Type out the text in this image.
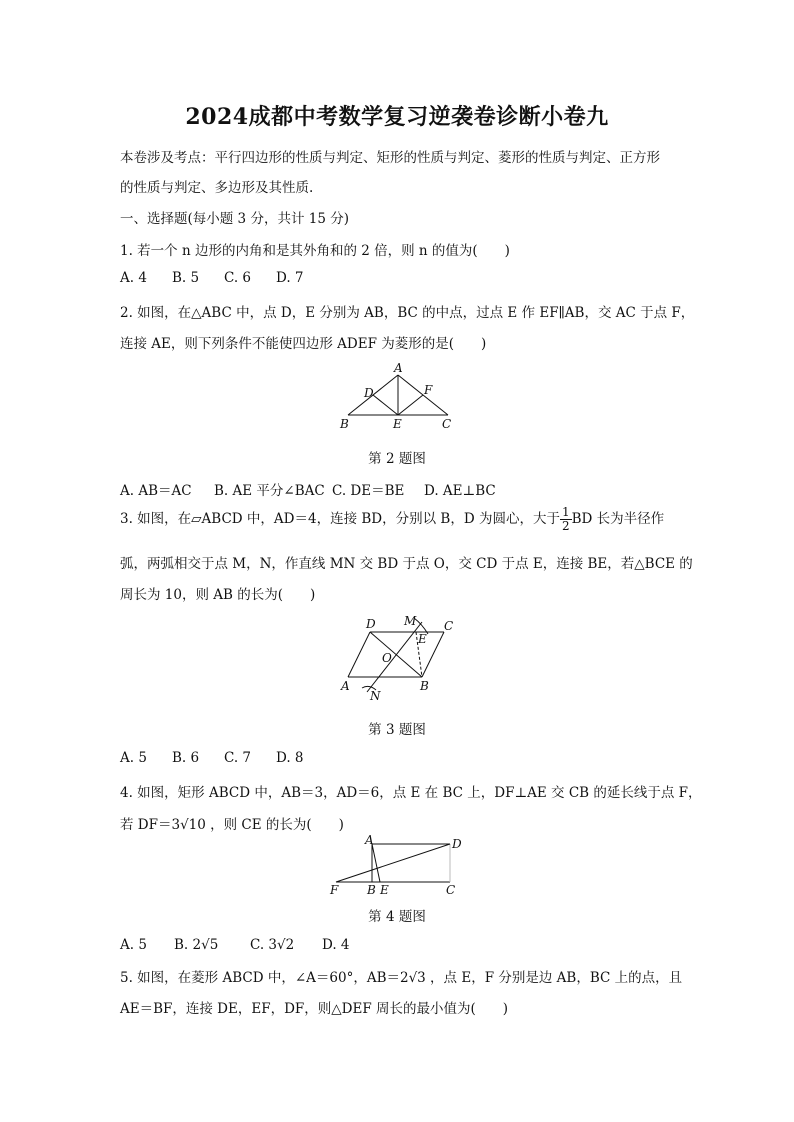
2024成都中考数学复习逆袭卷诊断小卷九
本卷涉及考点：平行四边形的性质与判定、矩形的性质与判定、菱形的性质与判定、正方形
的性质与判定、多边形及其性质.
一、选择题(每小题 3 分，共计 15 分)
1. 若一个 n 边形的内角和是其外角和的 2 倍，则 n 的值为(　　)
A. 4 B. 5 C. 6 D. 7
2. 如图，在△ABC 中，点 D，E 分别为 AB，BC 的中点，过点 E 作 EF∥AB，交 AC 于点 F，
连接 AE，则下列条件不能使四边形 ADEF 为菱形的是(　　)
A
D	F
B	E	C
第 2 题图
A. AB＝AC B. AE 平分∠BAC C. DE＝BE D. AE⊥BC
3. 如图，在▱ABCD 中，AD＝4，连接 BD，分别以 B，D 为圆心，大于 $\frac{1}{2}$ BD 长为半径作
弧，两弧相交于点 M，N，作直线 MN 交 BD 于点 O，交 CD 于点 E，连接 BE，若△BCE 的
周长为 10，则 AB 的长为(　　)
D M
E
C
O
A	B
N
第 3 题图
A. 5 B. 6 C. 7 D. 8
4. 如图，矩形 ABCD 中，AB＝3，AD＝6，点 E 在 BC 上，DF⊥AE 交 CB 的延长线于点 F，
若 DF＝3√10 ，则 CE 的长为(　　)
A	D
F B E	C
第 4 题图
A. 5 B. 2√5 C. 3√2 D. 4
5. 如图，在菱形 ABCD 中，∠A＝60°，AB＝2√3 ，点 E，F 分别是边 AB，BC 上的点，且
AE＝BF，连接 DE，EF，DF，则△DEF 周长的最小值为(　　)
